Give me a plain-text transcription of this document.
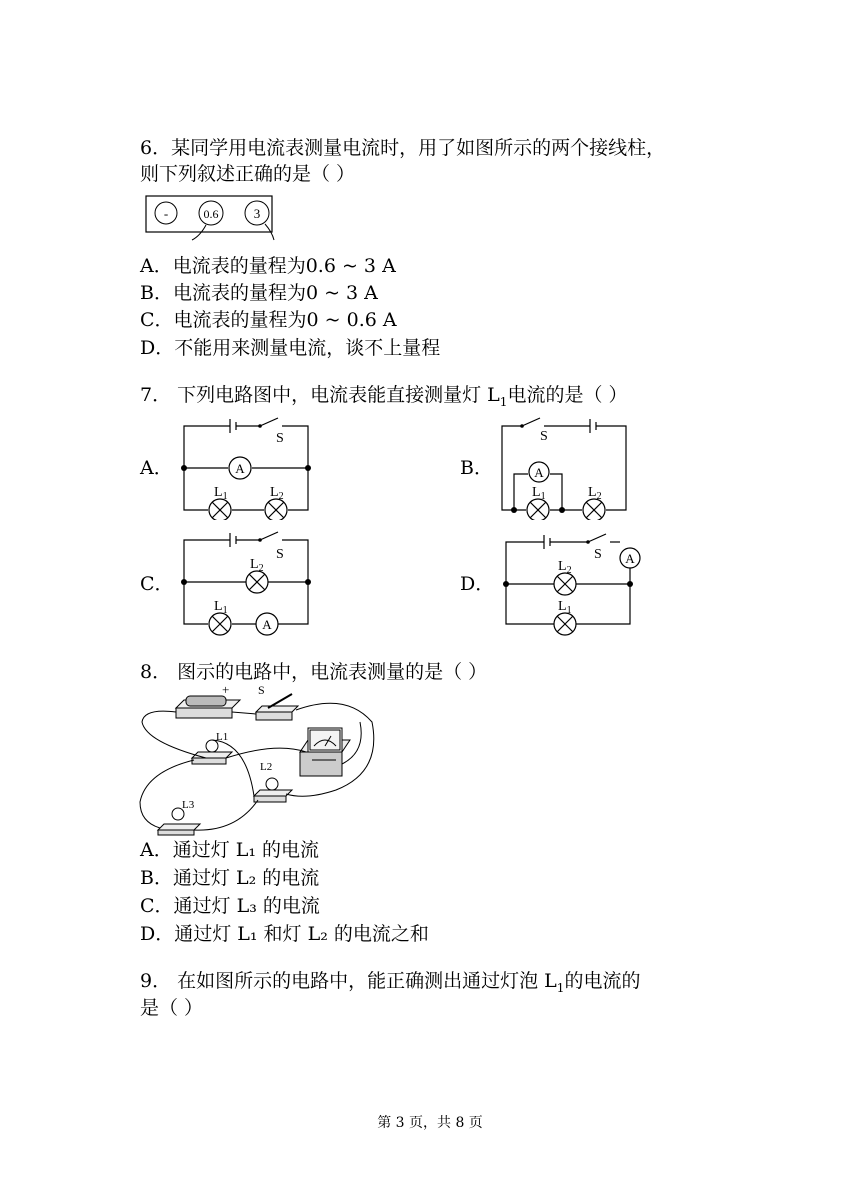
6．某同学用电流表测量电流时，用了如图所示的两个接线柱，
则下列叙述正确的是（ ）
-	0.6	3
A．电流表的量程为0.6 ~ 3 A
B．电流表的量程为0 ~ 3 A
C．电流表的量程为0 ~ 0.6 A
D．不能用来测量电流，谈不上量程
7． 下列电路图中，电流表能直接测量灯 $L_1$电流的是（ ）
A．	B．
C．	D．
A
S
$L_1$	$L_2$
A
S
$L_1$	$L_2$
A
S
$L_2$
$L_1$
A
S
$L_2$
$L_1$
8． 图示的电路中，电流表测量的是（ ）
+ S
L1
L2
L3
A．通过灯 L₁ 的电流
B．通过灯 L₂ 的电流
C．通过灯 L₃ 的电流
D．通过灯 L₁ 和灯 L₂ 的电流之和
9． 在如图所示的电路中，能正确测出通过灯泡 $L_1$的电流的
是（ ）
第 3 页，共 8 页
